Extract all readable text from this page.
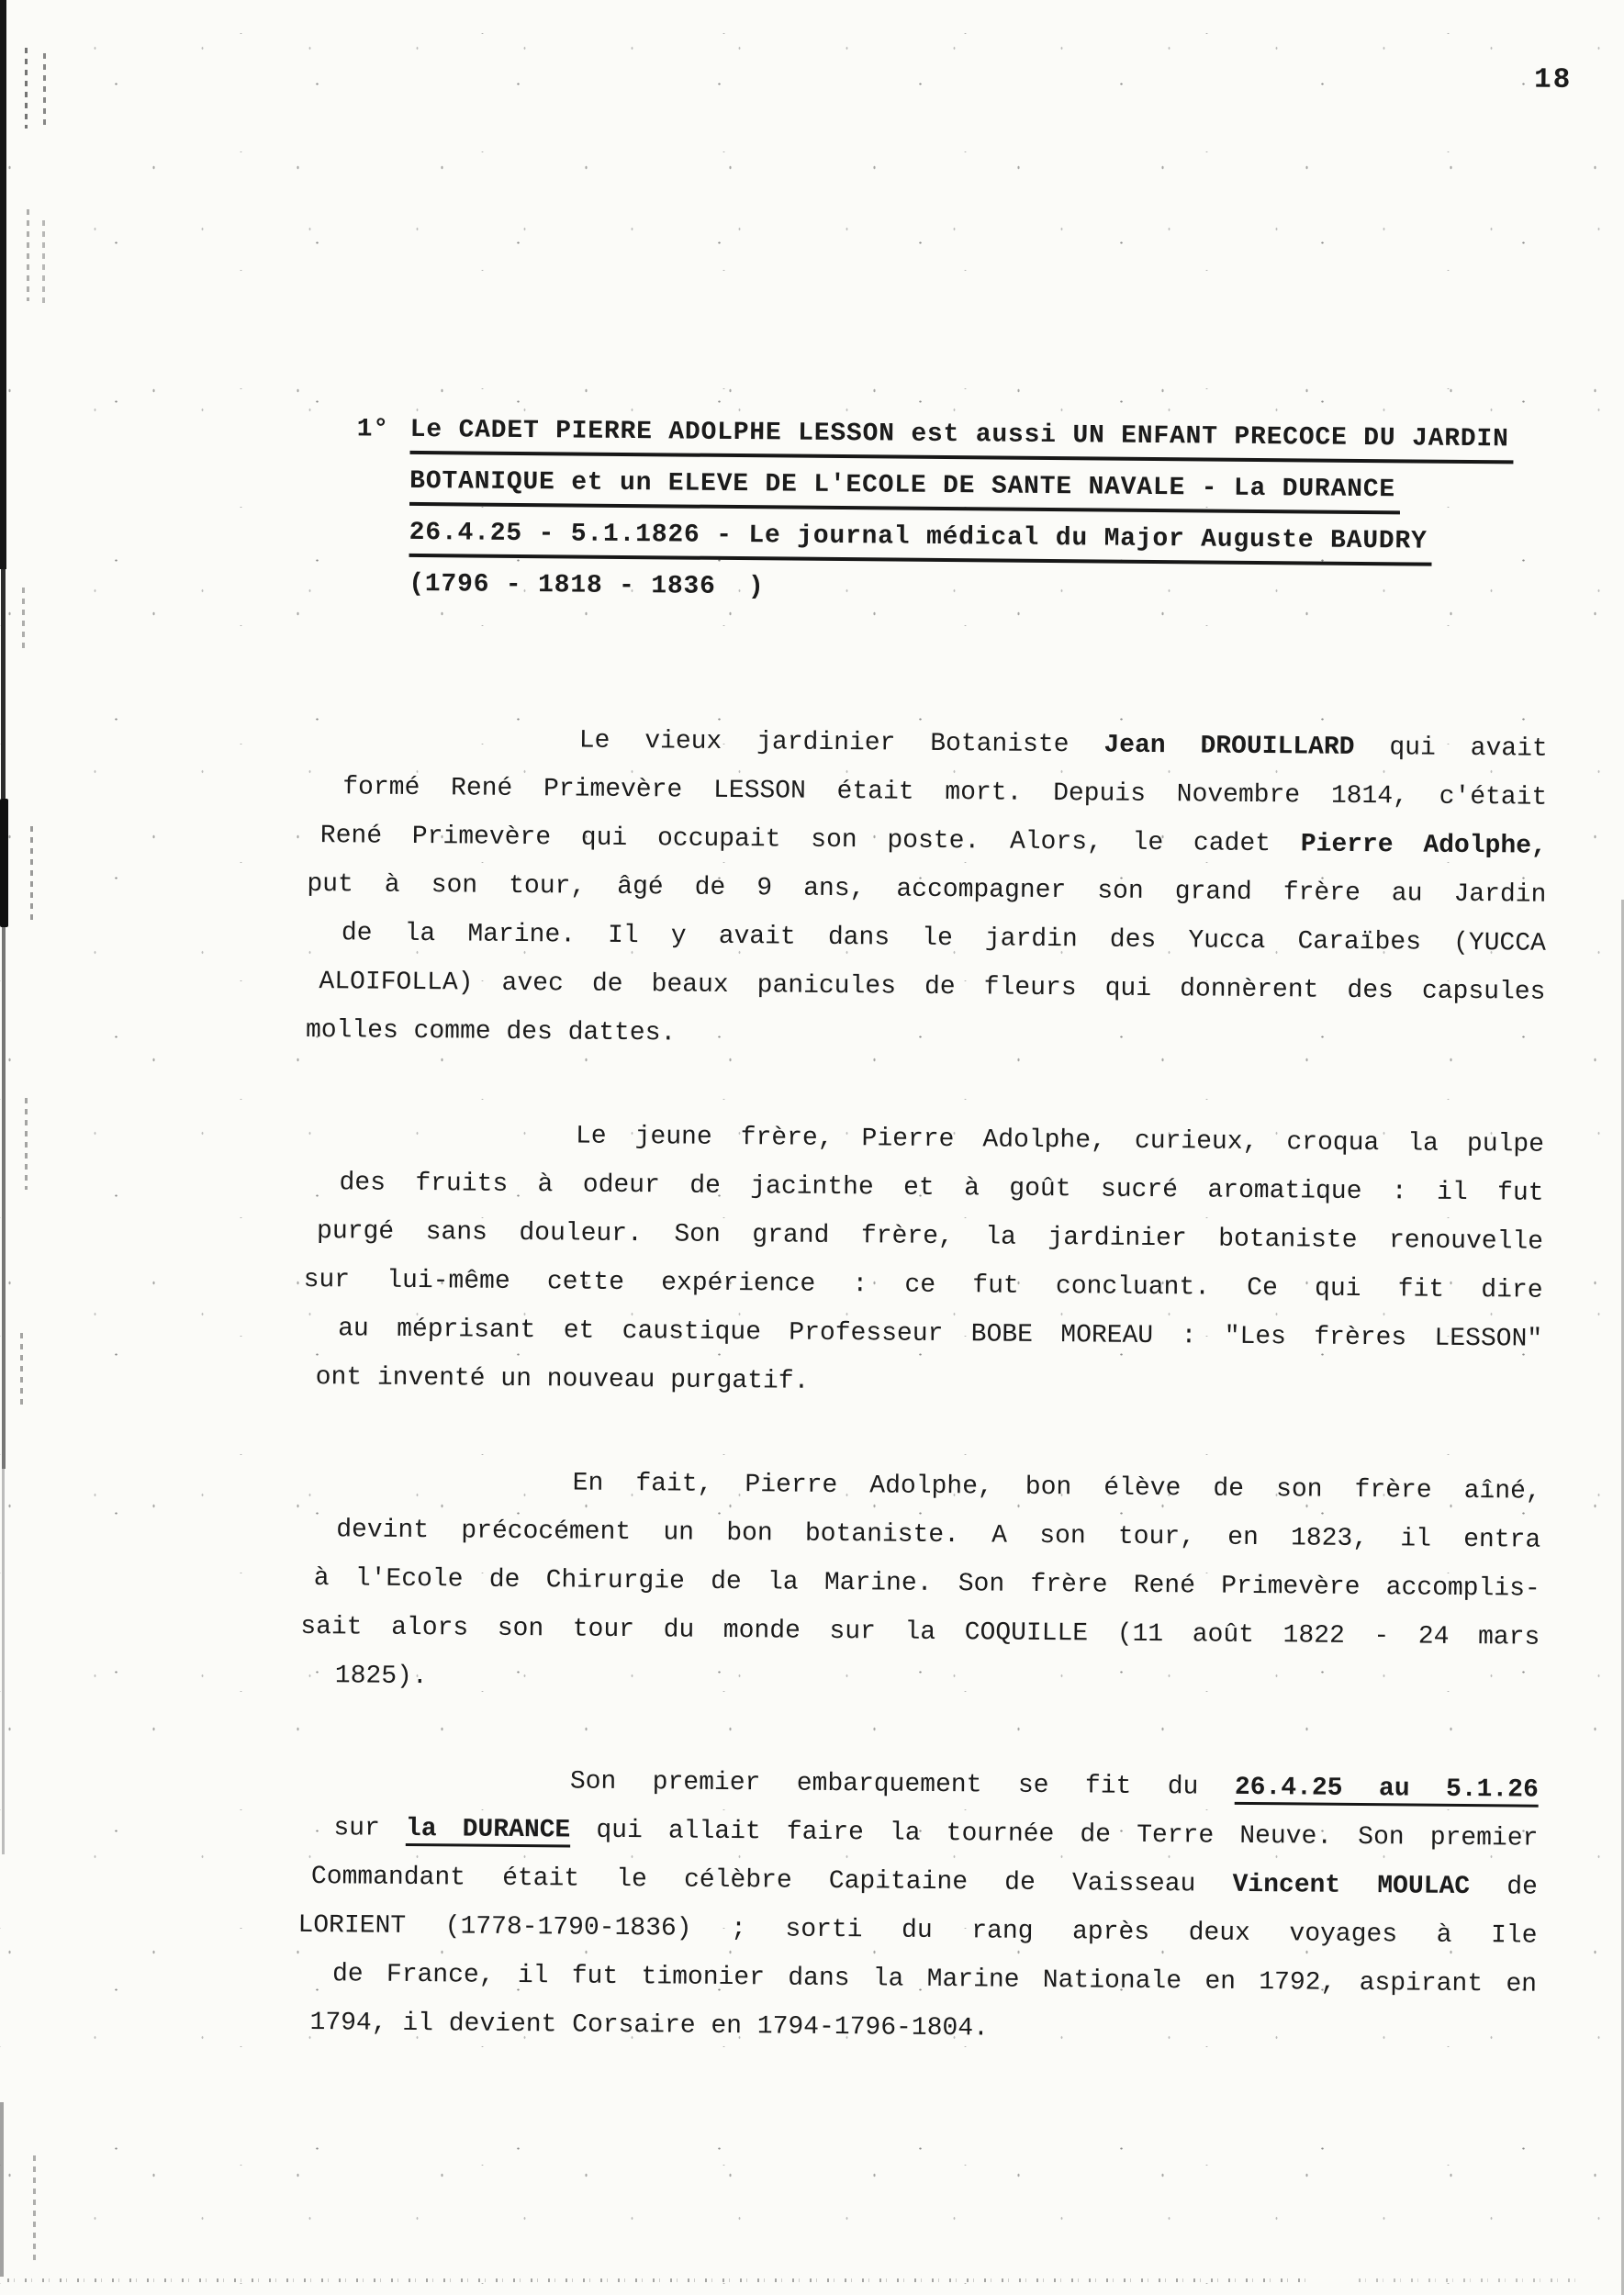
18
1° Le CADET PIERRE ADOLPHE LESSON est aussi UN ENFANT PRECOCE DU JARDIN
BOTANIQUE et un ELEVE DE L'ECOLE DE SANTE NAVALE - La DURANCE
26.4.25 - 5.1.1826 - Le journal médical du Major Auguste BAUDRY
(1796 - 1818 - 1836  )
Le vieux jardinier Botaniste Jean DROUILLARD qui avait
formé René Primevère LESSON était mort. Depuis Novembre 1814, c'était
René Primevère qui occupait son poste. Alors, le cadet Pierre Adolphe,
put à son tour, âgé de 9 ans, accompagner son grand frère au Jardin
de la Marine. Il y avait dans le jardin des Yucca Caraïbes (YUCCA
ALOIFOLLA) avec de beaux panicules de fleurs qui donnèrent des capsules
molles comme des dattes.
Le jeune frère, Pierre Adolphe, curieux, croqua la pulpe
des fruits à odeur de jacinthe et à goût sucré aromatique : il fut
purgé sans douleur. Son grand frère, la jardinier botaniste renouvelle
sur lui-même cette expérience : ce fut concluant. Ce qui fit dire
au méprisant et caustique Professeur BOBE MOREAU : "Les frères LESSON"
ont inventé un nouveau purgatif.
En fait, Pierre Adolphe, bon élève de son frère aîné,
devint précocément un bon botaniste. A son tour, en 1823, il entra
à l'Ecole de Chirurgie de la Marine. Son frère René Primevère accomplis-
sait alors son tour du monde sur la COQUILLE (11 août 1822 - 24 mars
1825).
Son premier embarquement se fit du 26.4.25 au 5.1.26
sur la DURANCE qui allait faire la tournée de Terre Neuve. Son premier
Commandant était le célèbre Capitaine de Vaisseau Vincent MOULAC de
LORIENT (1778-1790-1836) ; sorti du rang après deux voyages à Ile
de France, il fut timonier dans la Marine Nationale en 1792, aspirant en
1794, il devient Corsaire en 1794-1796-1804.
